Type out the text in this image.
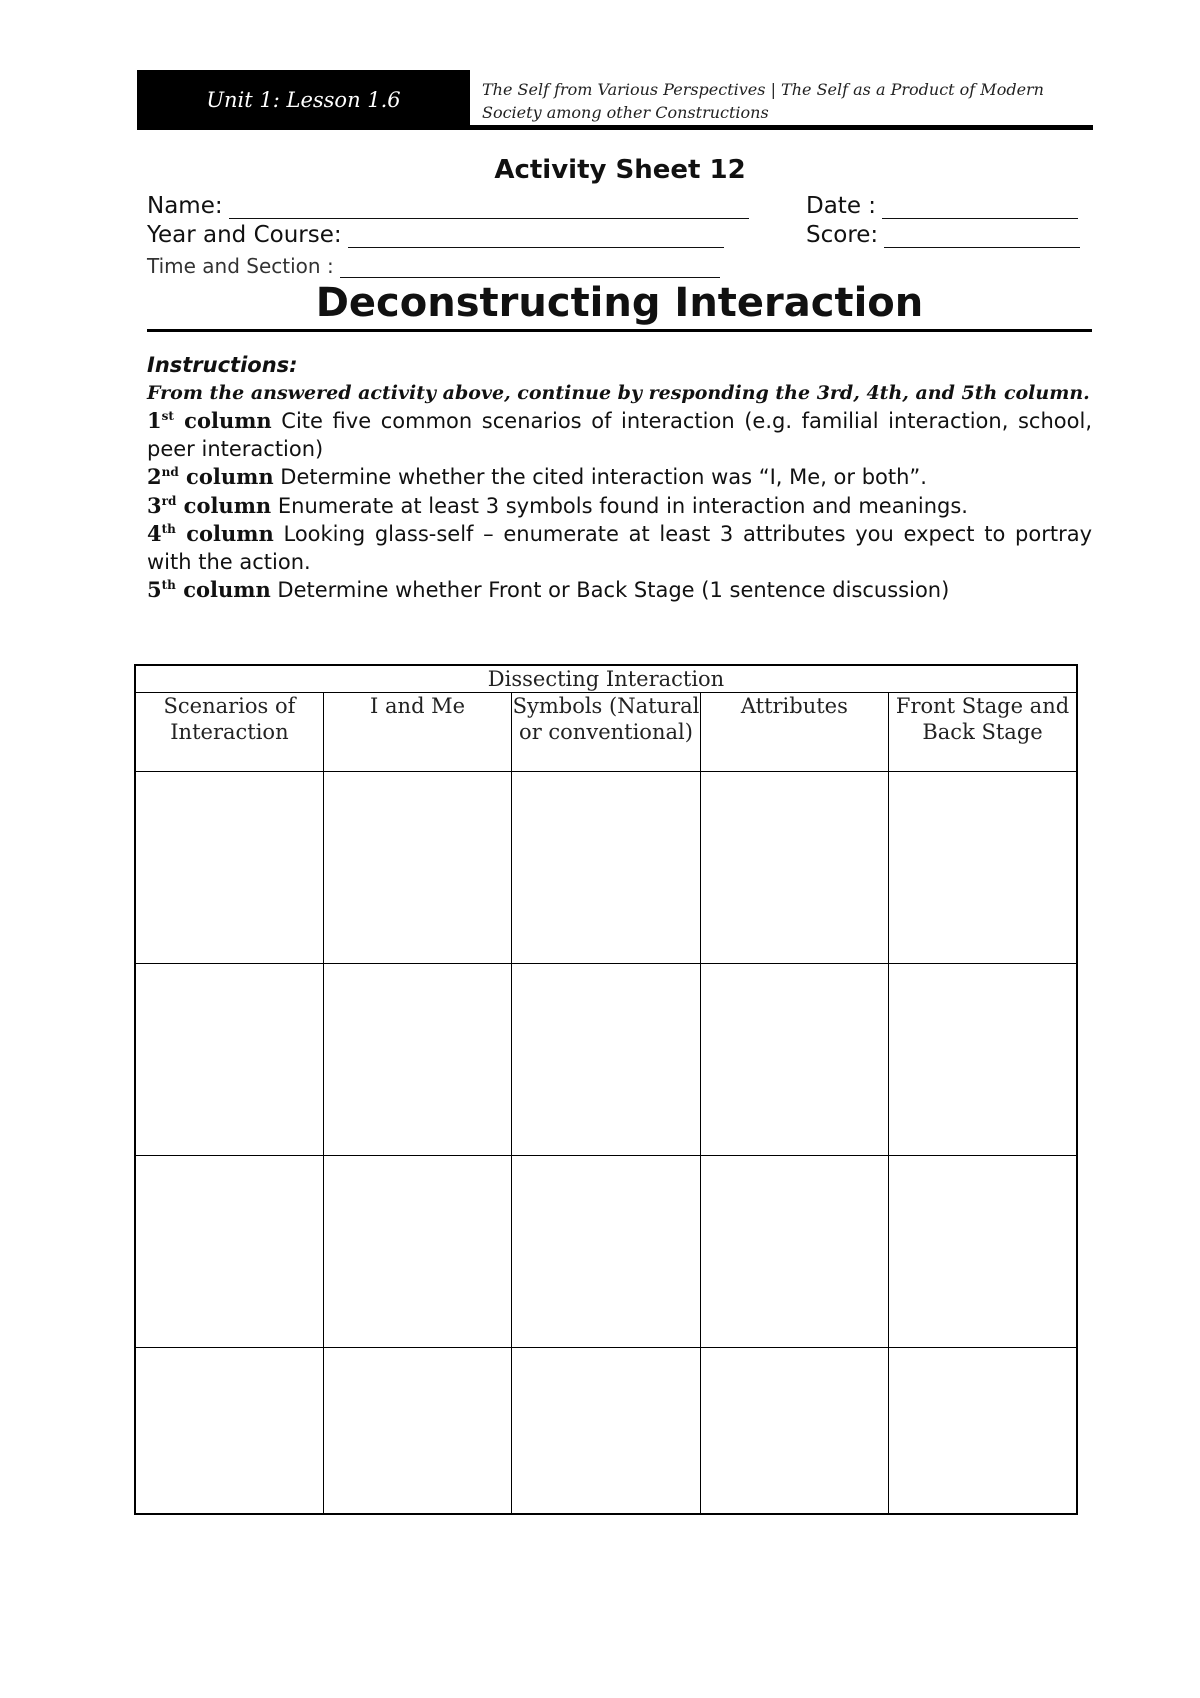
Unit 1: Lesson 1.6	The Self from Various Perspectives | The Self as a Product of Modern Society among other Constructions
Activity Sheet 12
Name:	Date :
Year and Course:	Score:
Time and Section :
Deconstructing Interaction

Instructions:

From the answered activity above, continue by responding the 3rd, 4th, and 5th column.

1st column Cite five common scenarios of interaction (e.g. familial interaction, school, peer interaction)

2nd column Determine whether the cited interaction was “I, Me, or both”.

3rd column Enumerate at least 3 symbols found in interaction and meanings.

4th column Looking glass-self – enumerate at least 3 attributes you expect to portray with the action.

5th column Determine whether Front or Back Stage (1 sentence discussion)

Dissecting Interaction				
Scenarios of Interaction	I and Me	Symbols (Natural or conventional)	Attributes	Front Stage and Back Stage
